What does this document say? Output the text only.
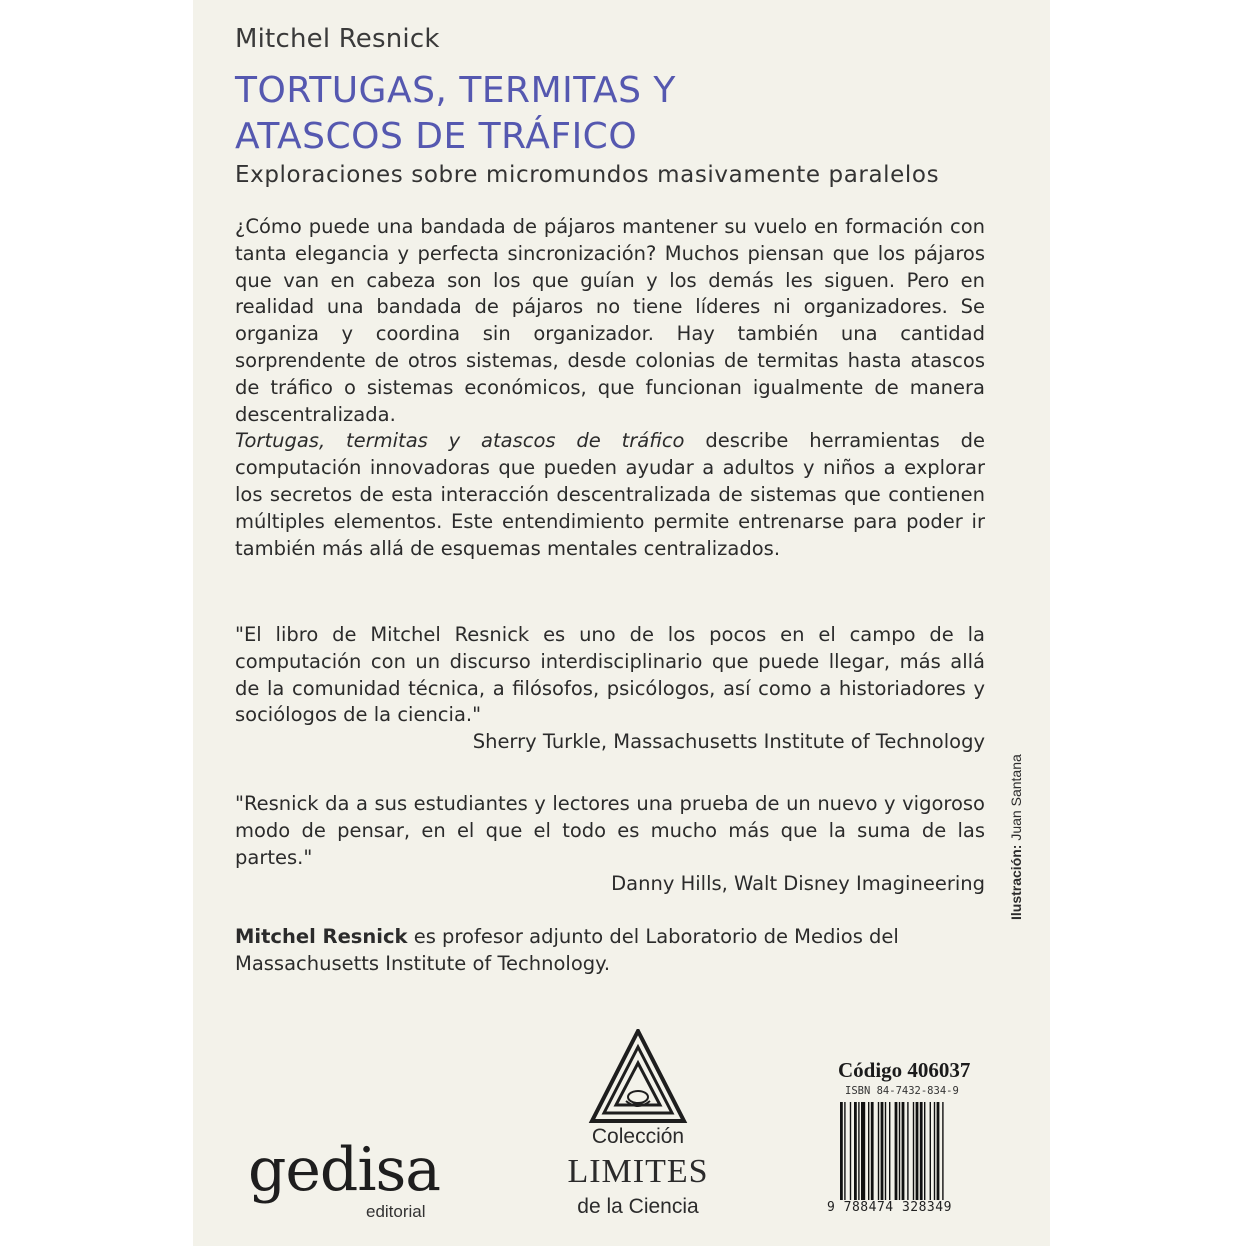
Mitchel Resnick
TORTUGAS, TERMITAS Y
ATASCOS DE TRÁFICO
Exploraciones sobre micromundos masivamente paralelos

¿Cómo puede una bandada de pájaros mantener su vuelo en formación con tanta elegancia y perfecta sincronización? Muchos piensan que los pájaros que van en cabeza son los que guían y los demás les siguen. Pero en realidad una bandada de pájaros no tiene líderes ni organizadores. Se organiza y coordina sin organizador. Hay también una cantidad sorprendente de otros sistemas, desde colonias de termitas hasta atascos de tráfico o sistemas económicos, que funcionan igualmente de manera descentralizada.

Tortugas, termitas y atascos de tráfico describe herramientas de computación innovadoras que pueden ayudar a adultos y niños a explorar los secretos de esta interacción descentralizada de sistemas que contienen múltiples elementos. Este entendimiento permite entrenarse para poder ir también más allá de esquemas mentales centralizados.

"El libro de Mitchel Resnick es uno de los pocos en el campo de la computación con un discurso interdisciplinario que puede llegar, más allá de la comunidad técnica, a filósofos, psicólogos, así como a historiadores y sociólogos de la ciencia."

Sherry Turkle, Massachusetts Institute of Technology

"Resnick da a sus estudiantes y lectores una prueba de un nuevo y vigoroso modo de pensar, en el que el todo es mucho más que la suma de las partes."

Danny Hills, Walt Disney Imagineering
Mitchel Resnick es profesor adjunto del Laboratorio de Medios del Massachusetts Institute of Technology.
Ilustración: Juan Santana
gedisa
editorial
Colección
LIMITES
de la Ciencia
Código 406037
ISBN 84-7432-834-9
9 788474 328349
